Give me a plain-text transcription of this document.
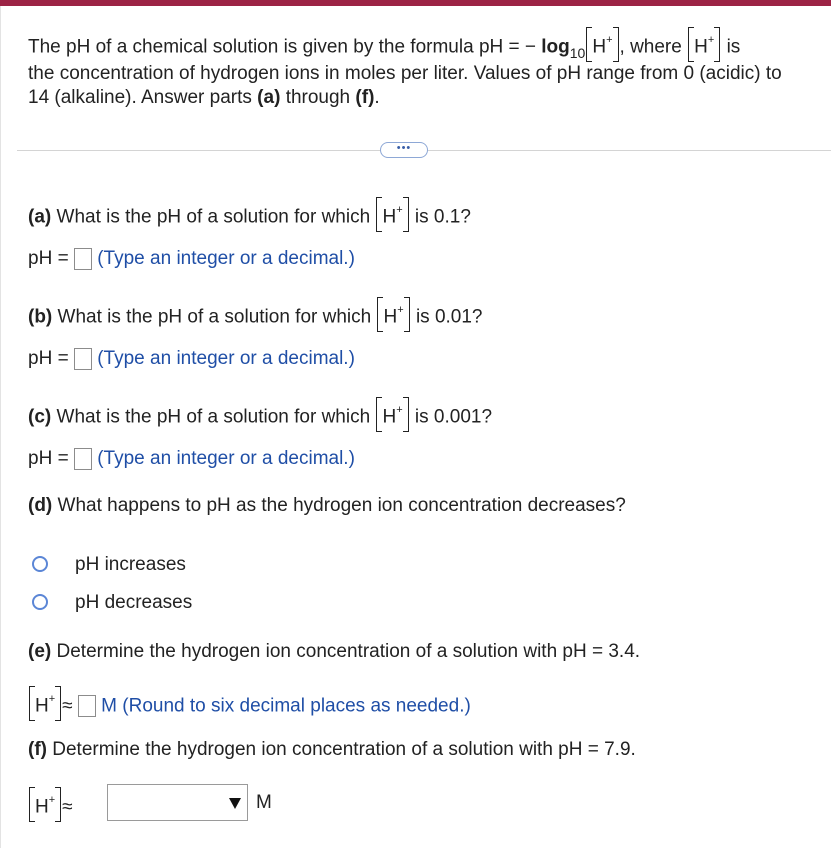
The pH of a chemical solution is given by the formula pH = − $\log_{10} H^+$ , where H+ is
the concentration of hydrogen ions in moles per liter. Values of pH range from 0 (acidic) to
14 (alkaline). Answer parts (a) through (f).
•••
(a) What is the pH of a solution for which H+ is 0.1?
pH = (Type an integer or a decimal.)
(b) What is the pH of a solution for which H+ is 0.01?
pH = (Type an integer or a decimal.)
(c) What is the pH of a solution for which H+ is 0.001?
pH = (Type an integer or a decimal.)
(d) What happens to pH as the hydrogen ion concentration decreases?
pH increases
pH decreases
(e) Determine the hydrogen ion concentration of a solution with pH = 3.4.
H+ ≈ M (Round to six decimal places as needed.)
(f) Determine the hydrogen ion concentration of a solution with pH = 7.9.
H+ ≈	M
